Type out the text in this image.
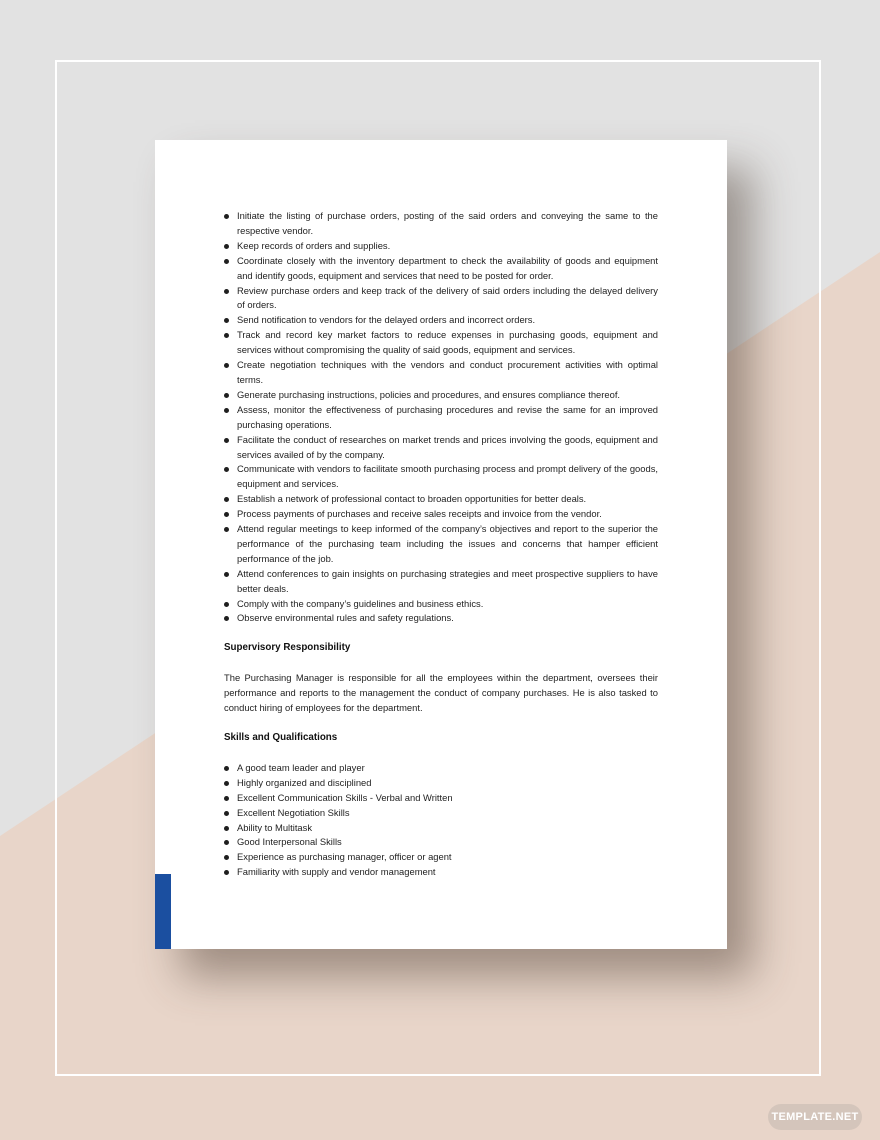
Initiate the listing of purchase orders, posting of the said orders and conveying the same to the respective vendor.
Keep records of orders and supplies.
Coordinate closely with the inventory department to check the availability of goods and equipment and identify goods, equipment and services that need to be posted for order.
Review purchase orders and keep track of the delivery of said orders including the delayed delivery of orders.
Send notification to vendors for the delayed orders and incorrect orders.
Track and record key market factors to reduce expenses in purchasing goods, equipment and services without compromising the quality of said goods, equipment and services.
Create negotiation techniques with the vendors and conduct procurement activities with optimal terms.
Generate purchasing instructions, policies and procedures, and ensures compliance thereof.
Assess, monitor the effectiveness of purchasing procedures and revise the same for an improved purchasing operations.
Facilitate the conduct of researches on market trends and prices involving the goods, equipment and services availed of by the company.
Communicate with vendors to facilitate smooth purchasing process and prompt delivery of the goods, equipment and services.
Establish a network of professional contact to broaden opportunities for better deals.
Process payments of purchases and receive sales receipts and invoice from the vendor.
Attend regular meetings to keep informed of the company’s objectives and report to the superior the performance of the purchasing team including the issues and concerns that hamper efficient performance of the job.
Attend conferences to gain insights on purchasing strategies and meet prospective suppliers to have better deals.
Comply with the company’s guidelines and business ethics.
Observe environmental rules and safety regulations.
Supervisory Responsibility

The Purchasing Manager is responsible for all the employees within the department, oversees their performance and reports to the management the conduct of company purchases. He is also tasked to conduct hiring of employees for the department.

Skills and Qualifications
A good team leader and player
Highly organized and disciplined
Excellent Communication Skills - Verbal and Written
Excellent Negotiation Skills
Ability to Multitask
Good Interpersonal Skills
Experience as purchasing manager, officer or agent
Familiarity with supply and vendor management
TEMPLATE.NET
